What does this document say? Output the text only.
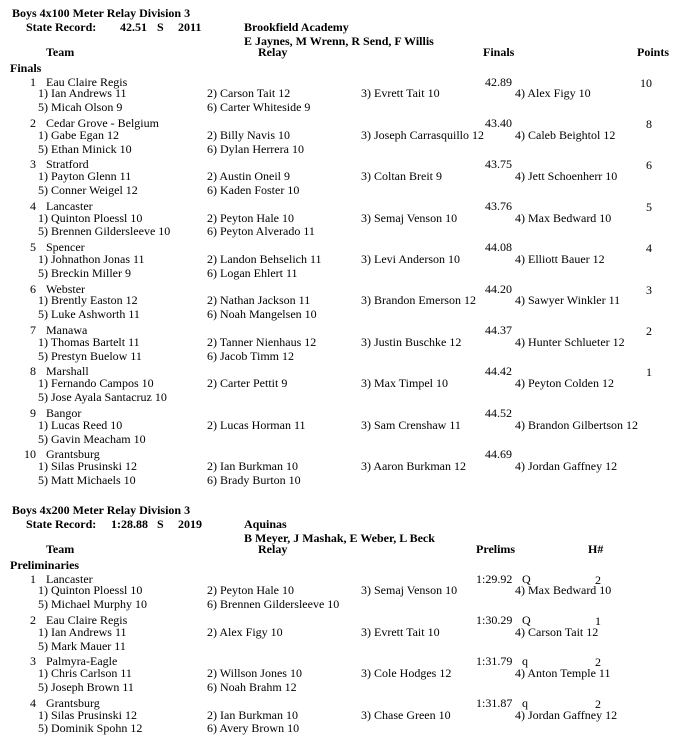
Boys 4x100 Meter Relay Division 3
State Record: 42.51 S 2011	Brookfield Academy
E Jaynes, M Wrenn, R Send, F Willis
Team	Relay	Finals	Points
Finals
1 Eau Claire Regis	42.89	10
1) Ian Andrews 11	2) Carson Tait 12	3) Evrett Tait 10	4) Alex Figy 10
5) Micah Olson 9	6) Carter Whiteside 9
2 Cedar Grove - Belgium	43.40	8
1) Gabe Egan 12	2) Billy Navis 10	3) Joseph Carrasquillo 12	4) Caleb Beightol 12
5) Ethan Minick 10	6) Dylan Herrera 10
3 Stratford	43.75	6
1) Payton Glenn 11	2) Austin Oneil 9	3) Coltan Breit 9	4) Jett Schoenherr 10
5) Conner Weigel 12	6) Kaden Foster 10
4 Lancaster	43.76	5
1) Quinton Ploessl 10	2) Peyton Hale 10	3) Semaj Venson 10	4) Max Bedward 10
5) Brennen Gildersleeve 10	6) Peyton Alverado 11
5 Spencer	44.08	4
1) Johnathon Jonas 11	2) Landon Behselich 11	3) Levi Anderson 10	4) Elliott Bauer 12
5) Breckin Miller 9	6) Logan Ehlert 11
6 Webster	44.20	3
1) Brently Easton 12	2) Nathan Jackson 11	3) Brandon Emerson 12	4) Sawyer Winkler 11
5) Luke Ashworth 11	6) Noah Mangelsen 10
7 Manawa	44.37	2
1) Thomas Bartelt 11	2) Tanner Nienhaus 12	3) Justin Buschke 12	4) Hunter Schlueter 12
5) Prestyn Buelow 11	6) Jacob Timm 12
8 Marshall	44.42	1
1) Fernando Campos 10	2) Carter Pettit 9	3) Max Timpel 10	4) Peyton Colden 12
5) Jose Ayala Santacruz 10
9 Bangor	44.52
1) Lucas Reed 10	2) Lucas Horman 11	3) Sam Crenshaw 11	4) Brandon Gilbertson 12
5) Gavin Meacham 10
10 Grantsburg	44.69
1) Silas Prusinski 12	2) Ian Burkman 10	3) Aaron Burkman 12	4) Jordan Gaffney 12
5) Matt Michaels 10	6) Brady Burton 10
Boys 4x200 Meter Relay Division 3
State Record: 1:28.88 S 2019	Aquinas
B Meyer, J Mashak, E Weber, L Beck
Team	Relay	Prelims	H#
Preliminaries
1 Lancaster	1:29.92 Q	2
1) Quinton Ploessl 10	2) Peyton Hale 10	3) Semaj Venson 10	4) Max Bedward 10
5) Michael Murphy 10	6) Brennen Gildersleeve 10
2 Eau Claire Regis	1:30.29 Q	1
1) Ian Andrews 11	2) Alex Figy 10	3) Evrett Tait 10	4) Carson Tait 12
5) Mark Mauer 11
3 Palmyra-Eagle	1:31.79 q	2
1) Chris Carlson 11	2) Willson Jones 10	3) Cole Hodges 12	4) Anton Temple 11
5) Joseph Brown 11	6) Noah Brahm 12
4 Grantsburg	1:31.87 q	2
1) Silas Prusinski 12	2) Ian Burkman 10	3) Chase Green 10	4) Jordan Gaffney 12
5) Dominik Spohn 12	6) Avery Brown 10
